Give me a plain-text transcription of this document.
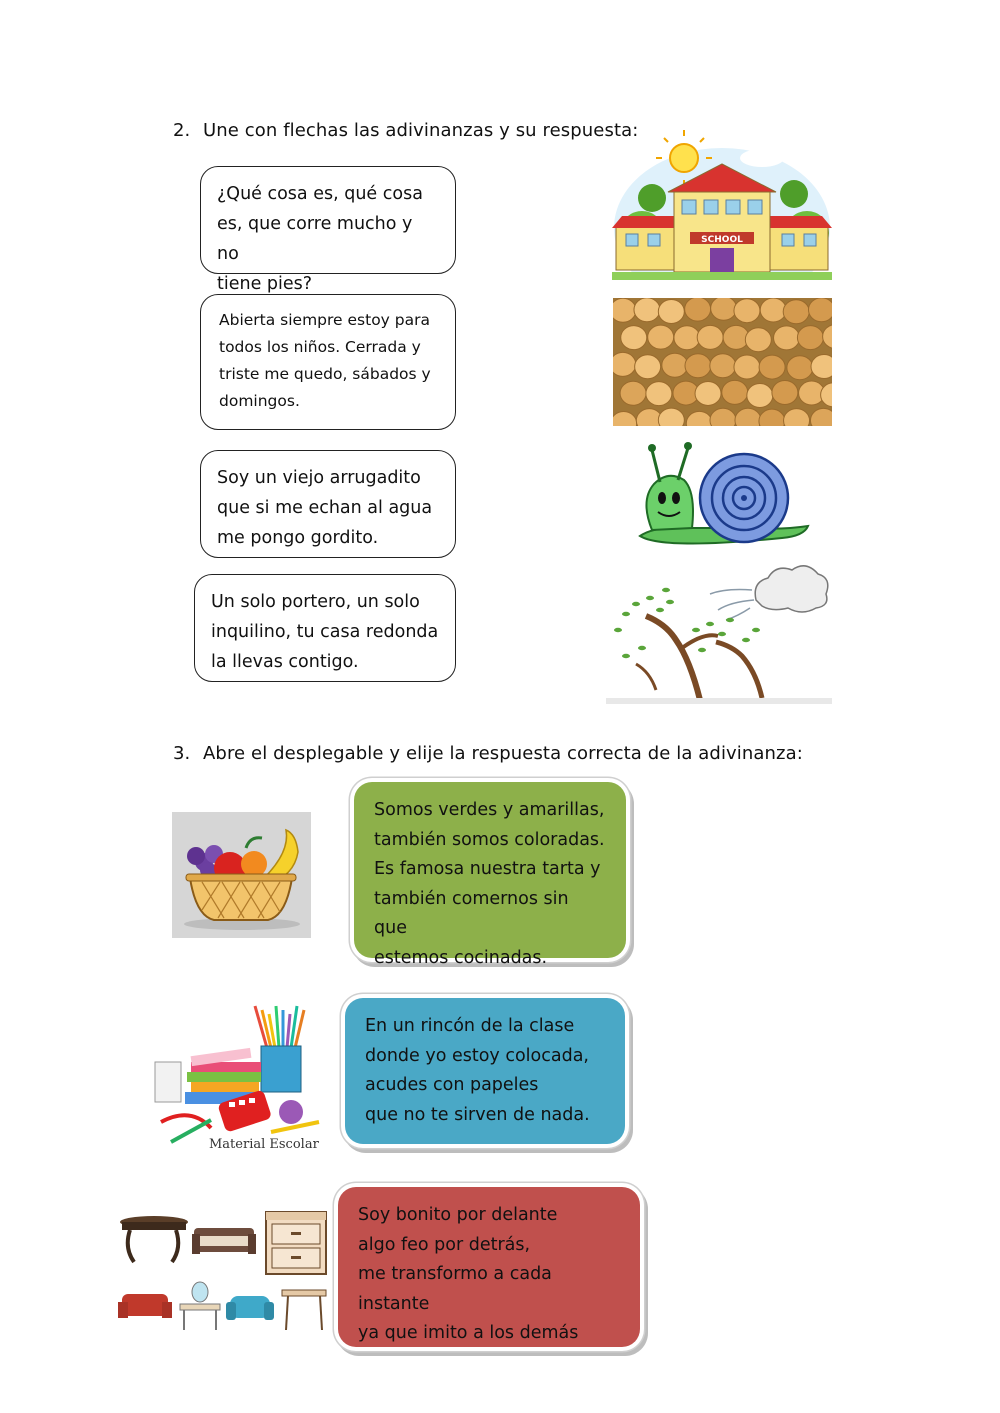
2. Une con flechas las adivinanzas y su respuesta:

¿Qué cosa es, qué cosa
es, que corre mucho y no
tiene pies?

Abierta siempre estoy para
todos los niños. Cerrada y
triste me quedo, sábados y
domingos.

Soy un viejo arrugadito
que si me echan al agua
me pongo gordito.

Un solo portero, un solo
inquilino, tu casa redonda
la llevas contigo.

SCHOOL
3. Abre el desplegable y elije la respuesta correcta de la adivinanza:

Somos verdes y amarillas,
también somos coloradas.
Es famosa nuestra tarta y
también comernos sin que
estemos cocinadas.

Material Escolar

En un rincón de la clase
donde yo estoy colocada,
acudes con papeles
que no te sirven de nada.

Soy bonito por delante
algo feo por detrás,
me transformo a cada instante
ya que imito a los demás
